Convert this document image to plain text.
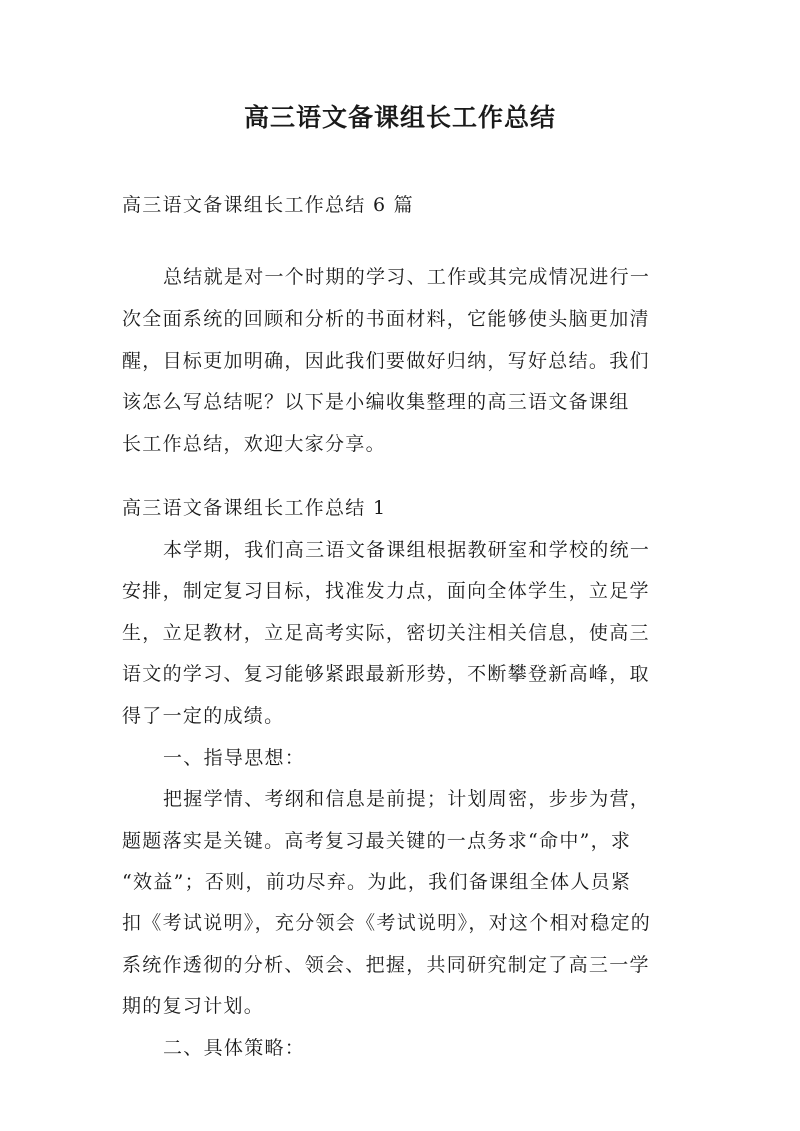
高三语文备课组长工作总结
高三语文备课组长工作总结 6 篇
总结就是对一个时期的学习、工作或其完成情况进行一
次全面系统的回顾和分析的书面材料，它能够使头脑更加清
醒，目标更加明确，因此我们要做好归纳，写好总结。我们
该怎么写总结呢？以下是小编收集整理的高三语文备课组
长工作总结，欢迎大家分享。
高三语文备课组长工作总结 1
本学期，我们高三语文备课组根据教研室和学校的统一
安排，制定复习目标，找准发力点，面向全体学生，立足学
生，立足教材，立足高考实际，密切关注相关信息，使高三
语文的学习、复习能够紧跟最新形势，不断攀登新高峰，取
得了一定的成绩。
一、指导思想：
把握学情、考纲和信息是前提；计划周密，步步为营，
题题落实是关键。高考复习最关键的一点务求“命中”，求
“效益”；否则，前功尽弃。为此，我们备课组全体人员紧
扣《考试说明》，充分领会《考试说明》，对这个相对稳定的
系统作透彻的分析、领会、把握，共同研究制定了高三一学
期的复习计划。
二、具体策略：
